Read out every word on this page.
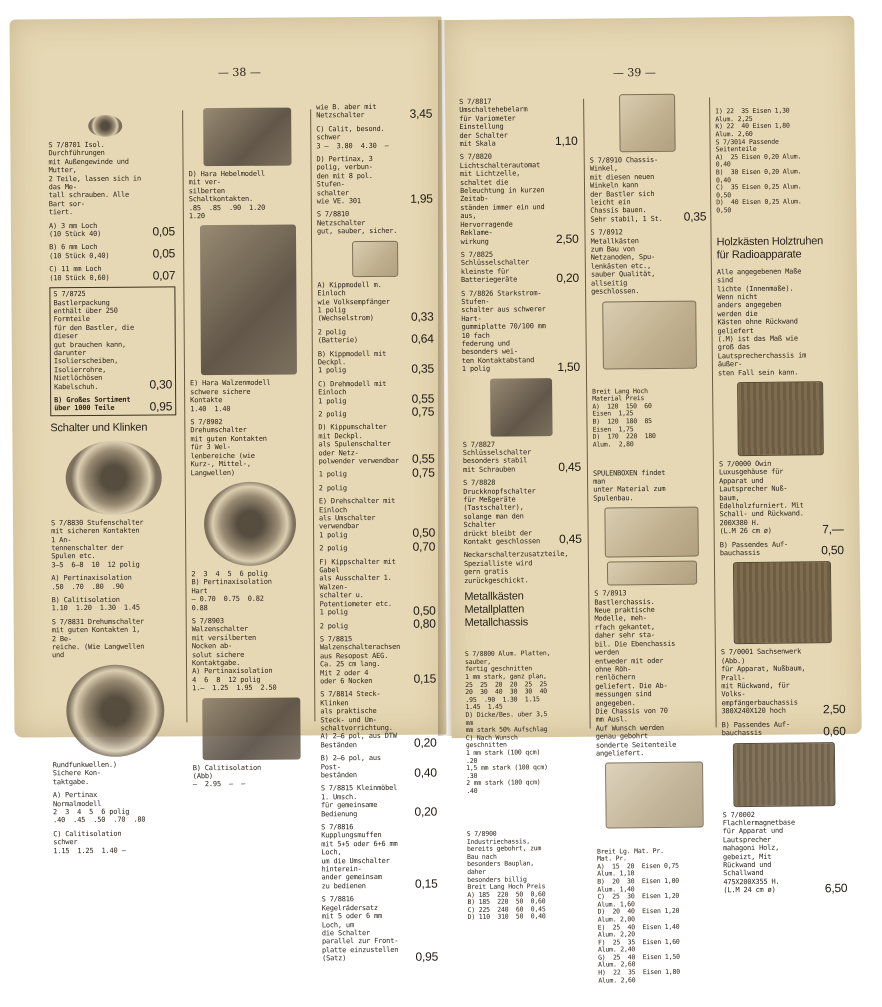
— 38 —
S 7/8701 Isol. Durchführungen
mit Außengewinde und Mutter,
2 Teile, lassen sich in das Me-
tall schrauben. Alle Bart sor-
tiert.
A) 3 mm Loch
(10 Stück 40)	0,05
B) 6 mm Loch
(10 Stück 0,40)	0,05
C) 11 mm Loch
(10 Stück 0,60)	0,07
S 7/8725 Bastlerpackung
enthält über 250 Formteile
für den Bastler, die dieser
gut brauchen kann, darunter
Isolierscheiben, Isolierrohre,
Nietlöchösen
Kabelschuh.	0,30
B) Großes Sortiment
über 1000 Teile	0,95
Schalter und Klinken
S 7/8830 Stufenschalter
mit sicheren Kontakten 1 An-
tennenschalter der Spulen etc.
3—5  6—8  10  12 polig
A) Pertinaxisolation
.50  .70  .80  .90
B) Calitisolation
1.10  1.20  1.30  1.45
S 7/8831 Drehumschalter
mit guten Kontakten 1, 2 Be-
reiche. (Wie Langwellen und
Rundfunkwellen.) Sichere Kon-
taktgabe.
A) Pertinax Normalmodell
2  3  4  5  6 polig
.40  .45  .50  .70  .80
C) Calitisolation schwer
1.15  1.25  1.40 —
D) Hara Hebelmodell mit ver-
silberten Schaltkontakten.
.85  .85  .90  1.20  1.20
E) Hara Walzenmodell
schwere sichere Kontakte
1.40  1.40
S 7/8902 Drehumschalter
mit guten Kontakten für 3 Wel-
lenbereiche (wie Kurz-, Mittel-,
Langwellen)
2  3  4  5  6 polig
B) Pertinaxisolation Hart
— 0.70  0.75  0.82  0.88
S 7/8903 Walzenschalter
mit versilberten Nocken ab-
solut sichere Kontaktgabe.
A) Pertinaxisolation
4  6  8  12 polig
1.—  1.25  1.95  2.50
B) Calitisolation (Abb)
—  2.95  —  —
wie B. aber mit
Netzschalter	3,45
C) Calit, besond. schwer
3 —  3.80  4.30  —
D) Pertinax, 3 polig, verbun-
den mit 8 pol. Stufen-
schalter
wie VE. 301	1,95
S 7/8810 Netzschalter
gut, sauber, sicher.
A) Kippmodell m. Einloch
wie Volksempfänger
1 polig
(Wechselstrom)	0,33
2 polig
(Batterie)	0,64
B) Kippmodell mit Deckpl.
1 polig	0,35
C) Drehmodell mit Einloch
1 polig	0,55
2 polig	0,75
D) Kippumschalter mit Deckpl.
als Spulenschalter oder Netz-
polwender verwendbar	0,55
1 polig	0,75
2 polig
E) Drehschalter mit Einloch
als Umschalter verwendbar
1 polig	0,50
2 polig	0,70
F) Kippschalter mit Gabel
als Ausschalter 1. Walzen-
schalter u. Potentiometer etc.
1 polig	0,50
2 polig	0,80
S 7/8815 Walzenschalterachsen
aus Resopost AEG.
Ca. 25 cm lang.
Mit 2 oder 4
oder 6 Nocken	0,15
S 7/8814 Steck-Klinken
als praktische Steck- und Um-
schaltvorrichtung.
A) 2—6 pol, aus DTW
Beständen	0,20
B) 2—6 pol, aus Post-
beständen	0,40
S 7/8815 Kleinmöbel 1. Umsch.
für gemeinsame
Bedienung	0,20
S 7/8816 Kupplungsmuffen
mit 5+5 oder 6+6 mm Loch,
um die Umschalter hinterein-
ander gemeinsam
zu bedienen	0,15
S 7/8816 Kegelrädersatz
mit 5 oder 6 mm Loch, um
die Schalter parallel zur Front-
platte einzustellen
(Satz)	0,95
— 39 —
S 7/8817 Umschaltehebelarm
für Variometer Einstellung
der Schalter
mit Skala	1,10
S 7/8820 Lichtschalterautomat
mit Lichtzelle, schaltet die
Beleuchtung in kurzen Zeitab-
ständen immer ein und aus,
Hervorragende Reklame-
wirkung	2,50
S 7/8825 Schlüsselschalter
kleinste für
Batteriegeräte	0,20
S 7/8826 Starkstrom-Stufen-
schalter aus schwerer Hart-
gummiplatte 70/100 mm 10 fach
federung und besonders wei-
ten Kontaktabstand
1 polig	1,50
S 7/8827 Schlüsselschalter
besonders stabil
mit Schrauben	0,45
S 7/8828 Druckknopfschalter
für Meßgeräte (Tastschalter),
solange man den Schalter
drückt bleibt der
Kontakt geschlossen	0,45
Neckarschalterzusatzteile,
Spezialliste wird gern gratis
zurückgeschickt.
Metallkästen
Metallplatten
Metallchassis

S 7/8800 Alum. Platten, sauber,
fertig geschnitten
1 mm stark, ganz plan,
25  25  20  20  25  25
20  30  40  30  30  40
.95  .90  1.30  1.15  1.45  1.45
D) Dicke/Bes. uber 3,5 mm
mm stark 50% Aufschlag
C) Nach Wunsch geschnitten
1 mm stark (100 qcm) .20
1,5 mm stark (100 qcm) .30
2 mm stark (100 qcm) .40

S 7/8900 Industriechassis,
bereits gebohrt, zum Bau nach
besonders Bauplan, daher
besonders billig
Breit Lang Hoch Preis
A) 185  220  50  0,60
B) 185  220  50  0,60
C) 225  240  60  0,45
D) 110  310  50  0,40

S 7/8910 Chassis-Winkel,
mit diesen neuen Winkeln kann
der Bastler sich leicht ein
Chassis bauen.
Sehr stabil, 1 St.	0,35
S 7/8912 Metallkästen
zum Bau von Netzanoden, Spu-
lenkästen etc., sauber Qualität,
allseitig geschlossen.

Breit Lang Hoch Material Preis
A)  120  150  60  Eisen  1,25
B)  120  180  85  Eisen  1,75
D)  170  220  180  Alum.  2,80

SPULENBOXEN findet man
unter Material zum Spulenbau.
S 7/8913 Bastlerchassis.
Neue praktische Modelle, meh-
rfach gekantet, daher sehr sta-
bil. Die Ebenchassis werden
entweder mit oder ohne Röh-
renlöchern geliefert. Die Ab-
messungen sind angegeben.
Die Chassis von 70 mm Ausl.
Auf Wunsch werden genau gebohrt
sonderte Seitenteile angeliefert.

Breit Lg. Mat. Pr. Mat. Pr.
A)  15  20  Eisen 0,75 Alum. 1,10
B)  20  30  Eisen 1,00 Alum. 1,40
C)  25  30  Eisen 1,20 Alum. 1,60
D)  20  40  Eisen 1,20 Alum. 2,00
E)  25  40  Eisen 1,40 Alum. 2,20
F)  25  35  Eisen 1,60 Alum. 2,40
G)  25  40  Eisen 1,50 Alum. 2,60
H)  22  35  Eisen 1,80 Alum. 2,60

I) 22  35 Eisen 1,30 Alum. 2,25
K) 22  40 Eisen 1,80 Alum. 2,60
S 7/3014 Passende Seitenteile
A)  25 Eisen 0,20 Alum. 0,40
B)  30 Eisen 0,20 Alum. 0,40
C)  35 Eisen 0,25 Alum. 0,50
D)  40 Eisen 0,25 Alum. 0,50

Holzkästen Holztruhen
für Radioapparate
Alle angegebenen Maße sind
lichte (Innenmaße). Wenn nicht
anders angegeben werden die
Kästen ohne Rückwand geliefert
(.M) ist das Maß wie groß das
Lautsprecherchassis im äußer-
sten Fall sein kann.
S 7/0000 Owin Luxusgehäuse für
Apparat und Lautsprecher Nuß-
baum, Edelholzfurniert. Mit
Schall- und Rückwand.
200X380 H.
(L.M 26 cm ø)	7,—
B) Passendes Auf-
bauchassis	0,50
S 7/0001 Sachsenwerk (Abb.)
für Apparat, Nußbaum, Prall-
mit Rückwand, für Volks-
empfängerbauchassis
380X240X120 hoch	2,50
B) Passendes Auf-
bauchassis	0,60
S 7/0002 Flachlermagnetbase
für Apparat und Lautsprecher
mahagoni Holz, gebeizt, Mit
Rückwand und Schallwand
475X200X355 H.
(L.M 24 cm ø)	6,50
